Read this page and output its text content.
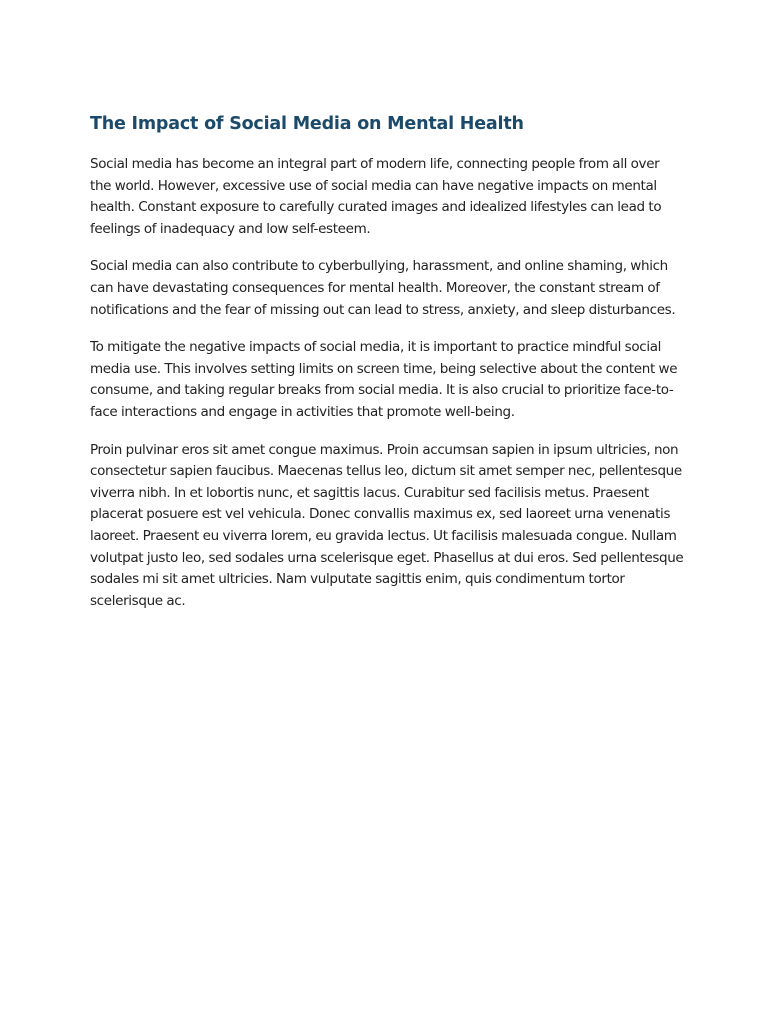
The Impact of Social Media on Mental Health

Social media has become an integral part of modern life, connecting people from all over the world. However, excessive use of social media can have negative impacts on mental health. Constant exposure to carefully curated images and idealized lifestyles can lead to feelings of inadequacy and low self-esteem.

Social media can also contribute to cyberbullying, harassment, and online shaming, which can have devastating consequences for mental health. Moreover, the constant stream of notifications and the fear of missing out can lead to stress, anxiety, and sleep disturbances.

To mitigate the negative impacts of social media, it is important to practice mindful social media use. This involves setting limits on screen time, being selective about the content we consume, and taking regular breaks from social media. It is also crucial to prioritize face-to-face interactions and engage in activities that promote well-being.

Proin pulvinar eros sit amet congue maximus. Proin accumsan sapien in ipsum ultricies, non consectetur sapien faucibus. Maecenas tellus leo, dictum sit amet semper nec, pellentesque viverra nibh. In et lobortis nunc, et sagittis lacus. Curabitur sed facilisis metus. Praesent placerat posuere est vel vehicula. Donec convallis maximus ex, sed laoreet urna venenatis laoreet. Praesent eu viverra lorem, eu gravida lectus. Ut facilisis malesuada congue. Nullam volutpat justo leo, sed sodales urna scelerisque eget. Phasellus at dui eros. Sed pellentesque sodales mi sit amet ultricies. Nam vulputate sagittis enim, quis condimentum tortor scelerisque ac.
